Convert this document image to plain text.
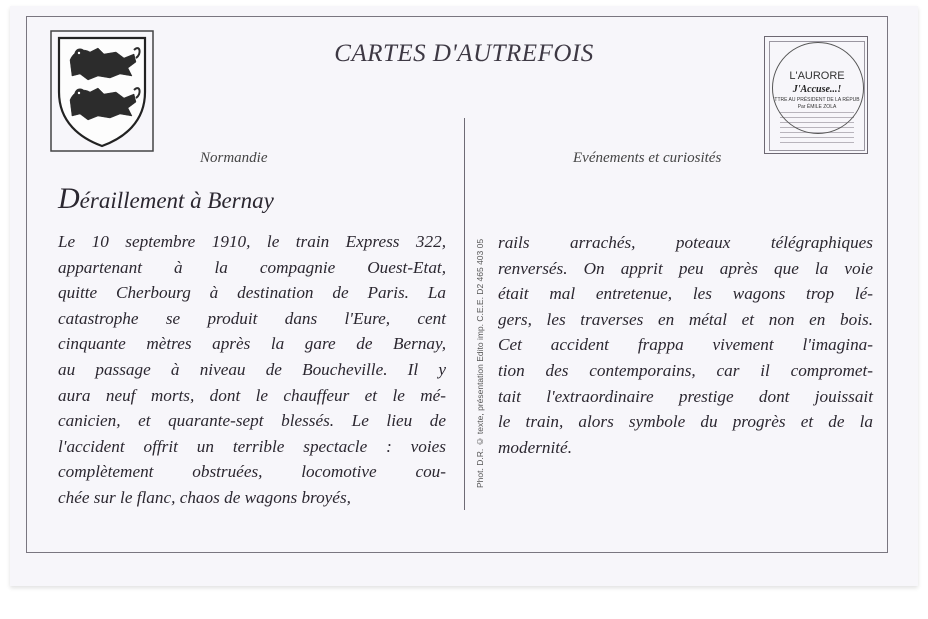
CARTES D'AUTREFOIS
L'AURORE
J'Accuse...!
TTRE AU PRÉSIDENT DE LA RÉPUB
Par ÉMILE ZOLA
Normandie	Evénements et curiosités
Déraillement à Bernay
Phot. D.R. © texte, présentation Edito imp. C.E.E. D2 465 403 05
Le 10 septembre 1910, le train Express 322,
appartenant à la compagnie Ouest-Etat,
quitte Cherbourg à destination de Paris. La
catastrophe se produit dans l'Eure, cent
cinquante mètres après la gare de Bernay,
au passage à niveau de Boucheville. Il y
aura neuf morts, dont le chauffeur et le mé-
canicien, et quarante-sept blessés. Le lieu de
l'accident offrit un terrible spectacle : voies
complètement obstruées, locomotive cou-
chée sur le flanc, chaos de wagons broyés,
rails arrachés, poteaux télégraphiques
renversés. On apprit peu après que la voie
était mal entretenue, les wagons trop lé-
gers, les traverses en métal et non en bois.
Cet accident frappa vivement l'imagina-
tion des contemporains, car il compromet-
tait l'extraordinaire prestige dont jouissait
le train, alors symbole du progrès et de la
modernité.
